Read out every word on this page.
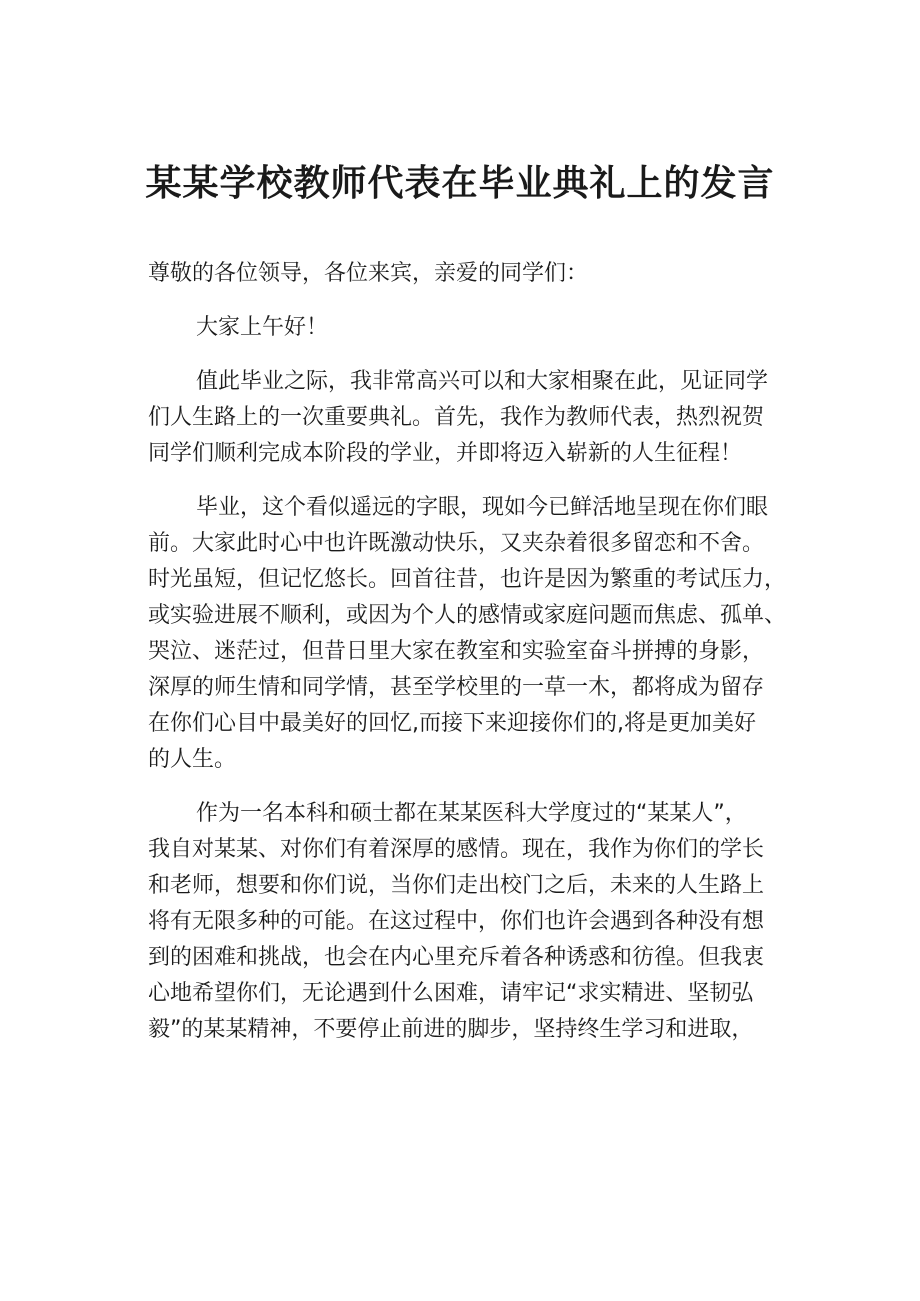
某某学校教师代表在毕业典礼上的发言
尊敬的各位领导，各位来宾，亲爱的同学们：
大家上午好！
值此毕业之际，我非常高兴可以和大家相聚在此，见证同学
们人生路上的一次重要典礼。首先，我作为教师代表，热烈祝贺
同学们顺利完成本阶段的学业，并即将迈入崭新的人生征程！
毕业，这个看似遥远的字眼，现如今已鲜活地呈现在你们眼
前。大家此时心中也许既激动快乐，又夹杂着很多留恋和不舍。
时光虽短，但记忆悠长。回首往昔，也许是因为繁重的考试压力，
或实验进展不顺利，或因为个人的感情或家庭问题而焦虑、孤单、
哭泣、迷茫过，但昔日里大家在教室和实验室奋斗拼搏的身影，
深厚的师生情和同学情，甚至学校里的一草一木，都将成为留存
在你们心目中最美好的回忆,而接下来迎接你们的,将是更加美好
的人生。
作为一名本科和硕士都在某某医科大学度过的“某某人”，
我自对某某、对你们有着深厚的感情。现在，我作为你们的学长
和老师，想要和你们说，当你们走出校门之后，未来的人生路上
将有无限多种的可能。在这过程中，你们也许会遇到各种没有想
到的困难和挑战，也会在内心里充斥着各种诱惑和彷徨。但我衷
心地希望你们，无论遇到什么困难，请牢记“求实精进、坚韧弘
毅”的某某精神，不要停止前进的脚步，坚持终生学习和进取，
